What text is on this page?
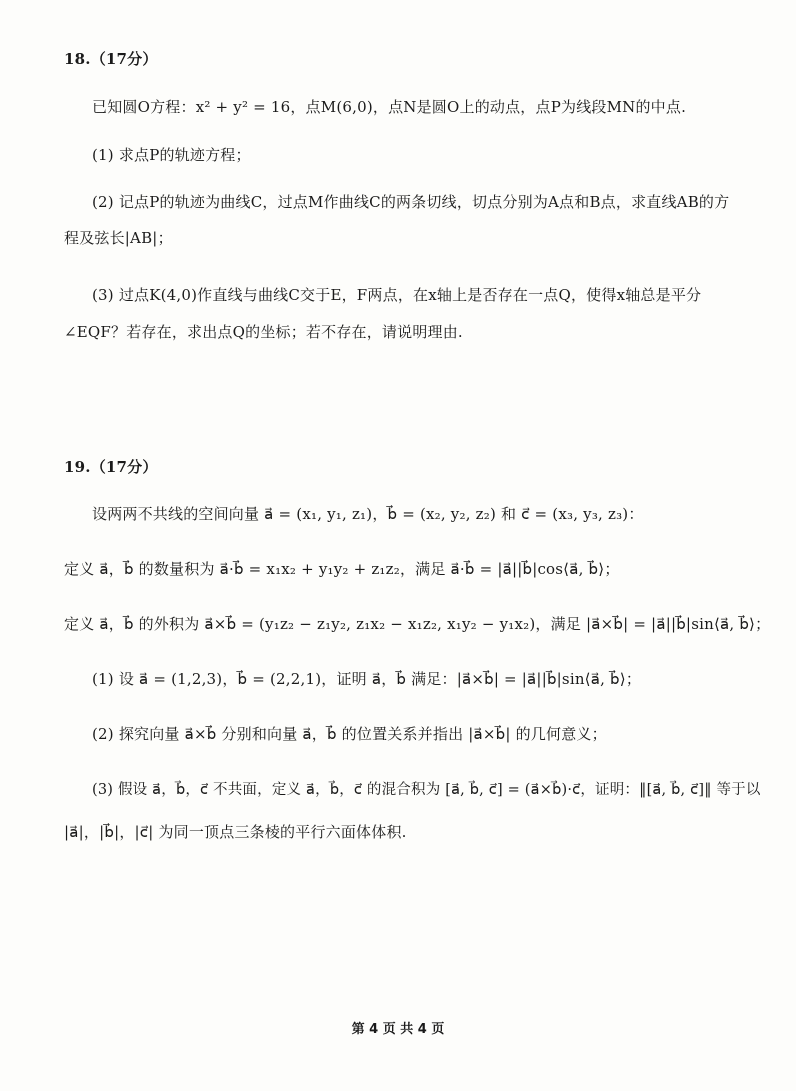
18.（17分）
已知圆O方程：x² + y² = 16，点M(6,0)，点N是圆O上的动点，点P为线段MN的中点.
(1) 求点P的轨迹方程；
(2) 记点P的轨迹为曲线C，过点M作曲线C的两条切线，切点分别为A点和B点，求直线AB的方
程及弦长|AB|；
(3) 过点K(4,0)作直线与曲线C交于E，F两点，在x轴上是否存在一点Q，使得x轴总是平分
∠EQF？若存在，求出点Q的坐标；若不存在，请说明理由.
19.（17分）
设两两不共线的空间向量 a⃗ = (x₁, y₁, z₁)，b⃗ = (x₂, y₂, z₂) 和 c⃗ = (x₃, y₃, z₃)：
定义 a⃗，b⃗ 的数量积为 a⃗·b⃗ = x₁x₂ + y₁y₂ + z₁z₂，满足 a⃗·b⃗ = |a⃗||b⃗|cos⟨a⃗, b⃗⟩；
定义 a⃗，b⃗ 的外积为 a⃗×b⃗ = (y₁z₂ − z₁y₂, z₁x₂ − x₁z₂, x₁y₂ − y₁x₂)，满足 |a⃗×b⃗| = |a⃗||b⃗|sin⟨a⃗, b⃗⟩；
(1) 设 a⃗ = (1,2,3)，b⃗ = (2,2,1)，证明 a⃗，b⃗ 满足：|a⃗×b⃗| = |a⃗||b⃗|sin⟨a⃗, b⃗⟩；
(2) 探究向量 a⃗×b⃗ 分别和向量 a⃗，b⃗ 的位置关系并指出 |a⃗×b⃗| 的几何意义；
(3) 假设 a⃗，b⃗，c⃗ 不共面，定义 a⃗，b⃗，c⃗ 的混合积为 [a⃗, b⃗, c⃗] = (a⃗×b⃗)·c⃗，证明：‖[a⃗, b⃗, c⃗]‖ 等于以
|a⃗|，|b⃗|，|c⃗| 为同一顶点三条棱的平行六面体体积.
第 4 页 共 4 页
